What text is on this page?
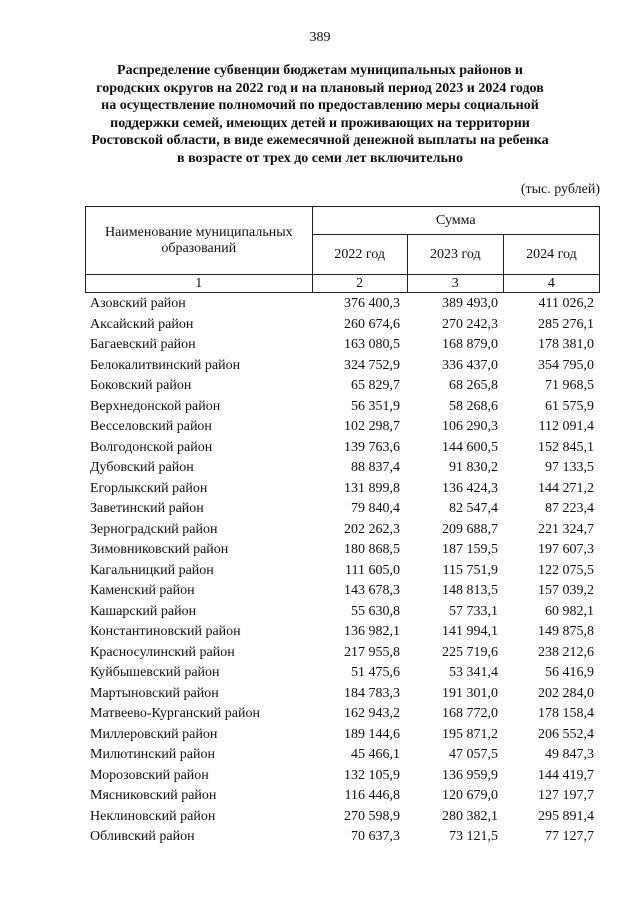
389
Распределение субвенции бюджетам муниципальных районов и
городских округов на 2022 год и на плановый период 2023 и 2024 годов
на осуществление полномочий по предоставлению меры социальной
поддержки семей, имеющих детей и проживающих на территории
Ростовской области, в виде ежемесячной денежной выплаты на ребенка
в возрасте от трех до семи лет включительно
(тыс. рублей)
Наименование муниципальных образований	Сумма		
	2022 год	2023 год	2024 год
1	2	3	4
Азовский район	376 400,3	389 493,0	411 026,2
Аксайский район	260 674,6	270 242,3	285 276,1
Багаевский район	163 080,5	168 879,0	178 381,0
Белокалитвинский район	324 752,9	336 437,0	354 795,0
Боковский район	65 829,7	68 265,8	71 968,5
Верхнедонской район	56 351,9	58 268,6	61 575,9
Весселовский район	102 298,7	106 290,3	112 091,4
Волгодонской район	139 763,6	144 600,5	152 845,1
Дубовский район	88 837,4	91 830,2	97 133,5
Егорлыкский район	131 899,8	136 424,3	144 271,2
Заветинский район	79 840,4	82 547,4	87 223,4
Зерноградский район	202 262,3	209 688,7	221 324,7
Зимовниковский район	180 868,5	187 159,5	197 607,3
Кагальницкий район	111 605,0	115 751,9	122 075,5
Каменский район	143 678,3	148 813,5	157 039,2
Кашарский район	55 630,8	57 733,1	60 982,1
Константиновский район	136 982,1	141 994,1	149 875,8
Красносулинский район	217 955,8	225 719,6	238 212,6
Куйбышевский район	51 475,6	53 341,4	56 416,9
Мартыновский район	184 783,3	191 301,0	202 284,0
Матвеево-Курганский район	162 943,2	168 772,0	178 158,4
Миллеровский район	189 144,6	195 871,2	206 552,4
Милютинский район	45 466,1	47 057,5	49 847,3
Морозовский район	132 105,9	136 959,9	144 419,7
Мясниковский район	116 446,8	120 679,0	127 197,7
Неклиновский район	270 598,9	280 382,1	295 891,4
Обливский район	70 637,3	73 121,5	77 127,7
